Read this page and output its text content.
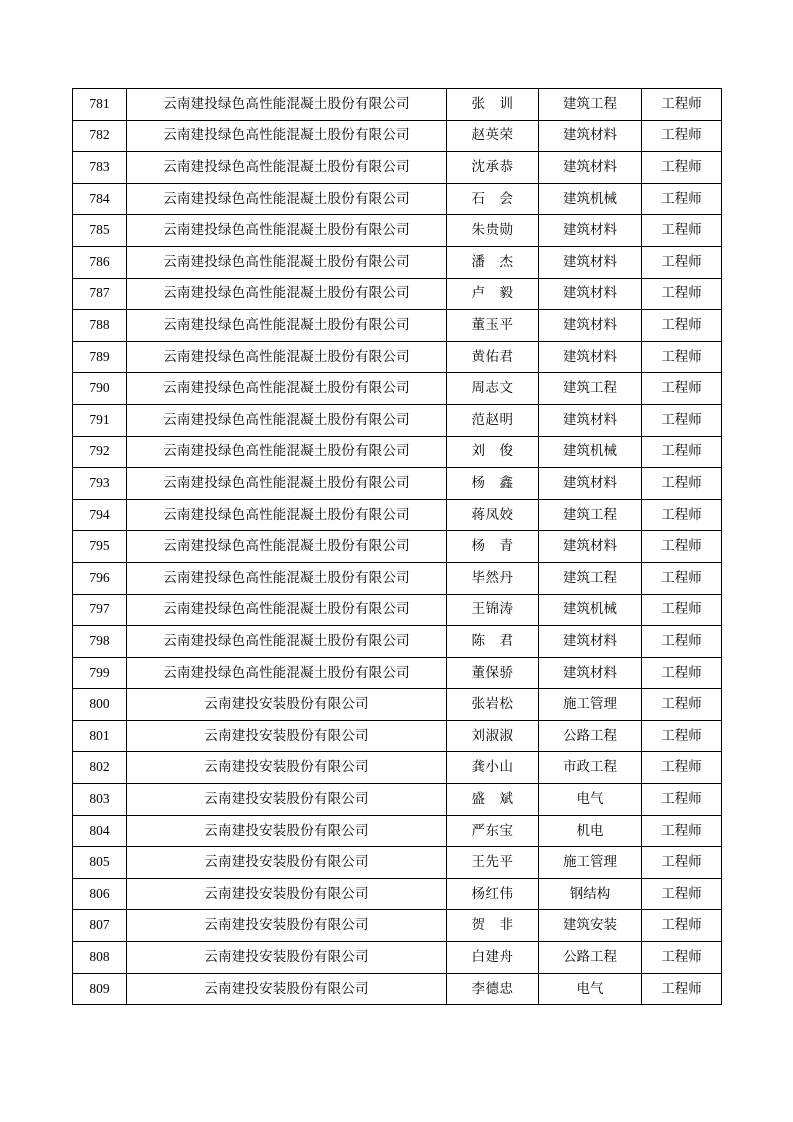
781	云南建投绿色高性能混凝土股份有限公司	张　训	建筑工程	工程师
782	云南建投绿色高性能混凝土股份有限公司	赵英荣	建筑材料	工程师
783	云南建投绿色高性能混凝土股份有限公司	沈承恭	建筑材料	工程师
784	云南建投绿色高性能混凝土股份有限公司	石　会	建筑机械	工程师
785	云南建投绿色高性能混凝土股份有限公司	朱贵勋	建筑材料	工程师
786	云南建投绿色高性能混凝土股份有限公司	潘　杰	建筑材料	工程师
787	云南建投绿色高性能混凝土股份有限公司	卢　毅	建筑材料	工程师
788	云南建投绿色高性能混凝土股份有限公司	董玉平	建筑材料	工程师
789	云南建投绿色高性能混凝土股份有限公司	黄佑君	建筑材料	工程师
790	云南建投绿色高性能混凝土股份有限公司	周志文	建筑工程	工程师
791	云南建投绿色高性能混凝土股份有限公司	范赵明	建筑材料	工程师
792	云南建投绿色高性能混凝土股份有限公司	刘　俊	建筑机械	工程师
793	云南建投绿色高性能混凝土股份有限公司	杨　鑫	建筑材料	工程师
794	云南建投绿色高性能混凝土股份有限公司	蒋凤姣	建筑工程	工程师
795	云南建投绿色高性能混凝土股份有限公司	杨　青	建筑材料	工程师
796	云南建投绿色高性能混凝土股份有限公司	毕然丹	建筑工程	工程师
797	云南建投绿色高性能混凝土股份有限公司	王锦涛	建筑机械	工程师
798	云南建投绿色高性能混凝土股份有限公司	陈　君	建筑材料	工程师
799	云南建投绿色高性能混凝土股份有限公司	董保骄	建筑材料	工程师
800	云南建投安装股份有限公司	张岩松	施工管理	工程师
801	云南建投安装股份有限公司	刘淑淑	公路工程	工程师
802	云南建投安装股份有限公司	龚小山	市政工程	工程师
803	云南建投安装股份有限公司	盛　斌	电气	工程师
804	云南建投安装股份有限公司	严东宝	机电	工程师
805	云南建投安装股份有限公司	王先平	施工管理	工程师
806	云南建投安装股份有限公司	杨红伟	钢结构	工程师
807	云南建投安装股份有限公司	贺　非	建筑安装	工程师
808	云南建投安装股份有限公司	白建舟	公路工程	工程师
809	云南建投安装股份有限公司	李德忠	电气	工程师
